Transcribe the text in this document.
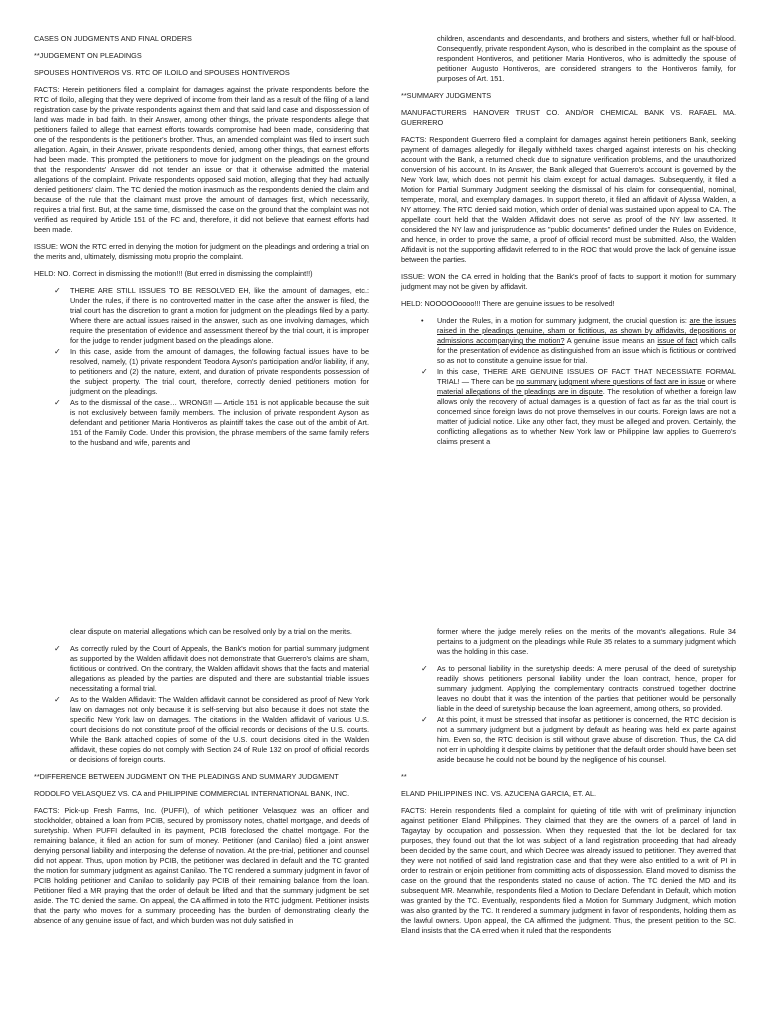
CASES ON JUDGMENTS AND FINAL ORDERS

**JUDGEMENT ON PLEADINGS

SPOUSES HONTIVEROS VS. RTC OF ILOILO and SPOUSES HONTIVEROS

FACTS: Herein petitioners filed a complaint for damages against the private respondents before the RTC of Iloilo, alleging that they were deprived of income from their land as a result of the filing of a land registration case by the private respondents against them and that said land case and dispossession of land was made in bad faith. In their Answer, among other things, the private respondents allege that petitioners failed to allege that earnest efforts towards compromise had been made, considering that one of the respondents is the petitioner's brother. Thus, an amended complaint was filed to insert such allegation. Again, in their Answer, private respondents denied, among other things, that earnest efforts had been made. This prompted the petitioners to move for judgment on the pleadings on the ground that the respondents' Answer did not tender an issue or that it otherwise admitted the material allegations of the complaint. Private respondents opposed said motion, alleging that they had actually denied petitioners' claim. The TC denied the motion inasmuch as the respondents denied the claim and because of the rule that the claimant must prove the amount of damages first, which necessarily, requires a trial first. But, at the same time, dismissed the case on the ground that the complaint was not verified as required by Article 151 of the FC and, therefore, it did not believe that earnest efforts had been made.

ISSUE: WON the RTC erred in denying the motion for judgment on the pleadings and ordering a trial on the merits and, ultimately, dismissing motu proprio the complaint.

HELD: NO. Correct in dismissing the motion!!! (But erred in dismissing the complaint!!)

✓ THERE ARE STILL ISSUES TO BE RESOLVED EH, like the amount of damages, etc.: Under the rules, if there is no controverted matter in the case after the answer is filed, the trial court has the discretion to grant a motion for judgment on the pleadings filed by a party. Where there are actual issues raised in the answer, such as one involving damages, which require the presentation of evidence and assessment thereof by the trial court, it is improper for the judge to render judgment based on the pleadings alone.
✓ In this case, aside from the amount of damages, the following factual issues have to be resolved, namely, (1) private respondent Teodora Ayson's participation and/or liability, if any, to petitioners and (2) the nature, extent, and duration of private respondents possession of the subject property. The trial court, therefore, correctly denied petitioners motion for judgment on the pleadings.
✓ As to the dismissal of the case… WRONG!! — Article 151 is not applicable because the suit is not exclusively between family members. The inclusion of private respondent Ayson as defendant and petitioner Maria Hontiveros as plaintiff takes the case out of the ambit of Art. 151 of the Family Code. Under this provision, the phrase members of the same family refers to the husband and wife, parents and

children, ascendants and descendants, and brothers and sisters, whether full or half-blood. Consequently, private respondent Ayson, who is described in the complaint as the spouse of respondent Hontiveros, and petitioner Maria Hontiveros, who is admittedly the spouse of petitioner Augusto Hontiveros, are considered strangers to the Hontiveros family, for purposes of Art. 151.

**SUMMARY JUDGMENTS

MANUFACTURERS HANOVER TRUST CO. AND/OR CHEMICAL BANK VS. RAFAEL MA. GUERRERO

FACTS: Respondent Guerrero filed a complaint for damages against herein petitioners Bank, seeking payment of damages allegedly for illegally withheld taxes charged against interests on his checking account with the Bank, a returned check due to signature verification problems, and the unauthorized conversion of his account. In its Answer, the Bank alleged that Guerrero's account is governed by the New York law, which does not permit his claim except for actual damages. Subsequently, it filed a Motion for Partial Summary Judgment seeking the dismissal of his claim for consequential, nominal, temperate, moral, and exemplary damages. In support thereto, it filed an affidavit of Alyssa Walden, a NY attorney. The RTC denied said motion, which order of denial was sustained upon appeal to CA. The appellate court held that the Walden Affidavit does not serve as proof of the NY law asserted. It considered the NY law and jurisprudence as "public documents" defined under the Rules on Evidence, and hence, in order to prove the same, a proof of official record must be submitted. Also, the Walden Affidavit is not the supporting affidavit referred to in the ROC that would prove the lack of genuine issue between the parties.

ISSUE: WON the CA erred in holding that the Bank's proof of facts to support it motion for summary judgment may not be given by affidavit.

HELD: NOOOOOoooo!!! There are genuine issues to be resolved!

• Under the Rules, in a motion for summary judgment, the crucial question is: are the issues raised in the pleadings genuine, sham or fictitious, as shown by affidavits, depositions or admissions accompanying the motion? A genuine issue means an issue of fact which calls for the presentation of evidence as distinguished from an issue which is fictitious or contrived so as not to constitute a genuine issue for trial.
✓ In this case, THERE ARE GENUINE ISSUES OF FACT THAT NECESSIATE FORMAL TRIAL! — There can be no summary judgment where questions of fact are in issue or where material allegations of the pleadings are in dispute. The resolution of whether a foreign law allows only the recovery of actual damages is a question of fact as far as the trial court is concerned since foreign laws do not prove themselves in our courts. Foreign laws are not a matter of judicial notice. Like any other fact, they must be alleged and proven. Certainly, the conflicting allegations as to whether New York law or Philippine law applies to Guerrero's claims present a

clear dispute on material allegations which can be resolved only by a trial on the merits.

✓ As correctly ruled by the Court of Appeals, the Bank's motion for partial summary judgment as supported by the Walden affidavit does not demonstrate that Guerrero's claims are sham, fictitious or contrived. On the contrary, the Walden affidavit shows that the facts and material allegations as pleaded by the parties are disputed and there are substantial triable issues necessitating a formal trial.
✓ As to the Walden Affidavit: The Walden affidavit cannot be considered as proof of New York law on damages not only because it is self-serving but also because it does not state the specific New York law on damages. The citations in the Walden affidavit of various U.S. court decisions do not constitute proof of the official records or decisions of the U.S. courts. While the Bank attached copies of some of the U.S. court decisions cited in the Walden affidavit, these copies do not comply with Section 24 of Rule 132 on proof of official records or decisions of foreign courts.

**DIFFERENCE BETWEEN JUDGMENT ON THE PLEADINGS AND SUMMARY JUDGMENT

RODOLFO VELASQUEZ VS. CA and PHILIPPINE COMMERCIAL INTERNATIONAL BANK, INC.

FACTS: Pick-up Fresh Farms, Inc. (PUFFI), of which petitioner Velasquez was an officer and stockholder, obtained a loan from PCIB, secured by promissory notes, chattel mortgage, and deeds of suretyship. When PUFFI defaulted in its payment, PCIB foreclosed the chattel mortgage. For the remaining balance, it filed an action for sum of money. Petitioner (and Canilao) filed a joint answer denying personal liability and interposing the defense of novation. At the pre-trial, petitioner and counsel did not appear. Thus, upon motion by PCIB, the petitioner was declared in default and the TC granted the motion for summary judgment as against Canilao. The TC rendered a summary judgment in favor of PCIB holding petitioner and Canilao to solidarily pay PCIB of their remaining balance from the loan. Petitioner filed a MR praying that the order of default be lifted and that the summary judgment be set aside. The TC denied the same. On appeal, the CA affirmed in toto the RTC judgment. Petitioner insists that the party who moves for a summary proceeding has the burden of demonstrating clearly the absence of any genuine issue of fact, and which burden was not duly satisfied in

former where the judge merely relies on the merits of the movant's allegations. Rule 34 pertains to a judgment on the pleadings while Rule 35 relates to a summary judgment which was the holding in this case.

✓ As to personal liability in the suretyship deeds: A mere perusal of the deed of suretyship readily shows petitioners personal liability under the loan contract, hence, proper for summary judgment. Applying the complementary contracts construed together doctrine leaves no doubt that it was the intention of the parties that petitioner would be personally liable in the deed of suretyship because the loan agreement, among others, so provided.
✓ At this point, it must be stressed that insofar as petitioner is concerned, the RTC decision is not a summary judgment but a judgment by default as hearing was held ex parte against him. Even so, the RTC decision is still without grave abuse of discretion. Thus, the CA did not err in upholding it despite claims by petitioner that the default order should have been set aside because he could not be bound by the negligence of his counsel.

**

ELAND PHILIPPINES INC. VS. AZUCENA GARCIA, ET. AL.

FACTS: Herein respondents filed a complaint for quieting of title with writ of preliminary injunction against petitioner Eland Philippines. They claimed that they are the owners of a parcel of land in Tagaytay by occupation and possession. When they requested that the lot be declared for tax purposes, they found out that the lot was subject of a land registration proceeding that had already been decided by the same court, and which Decree was already issued to petitioner. They averred that they were not notified of said land registration case and that they were also entitled to a writ of PI in order to restrain or enjoin petitioner from committing acts of dispossession. Eland moved to dismiss the case on the ground that the respondents stated no cause of action. The TC denied the MD and its subsequent MR. Meanwhile, respondents filed a Motion to Declare Defendant in Default, which motion was granted by the TC. Eventually, respondents filed a Motion for Summary Judgment, which motion was also granted by the TC. It rendered a summary judgment in favor of respondents, holding them as the lawful owners. Upon appeal, the CA affirmed the judgment. Thus, the present petition to the SC. Eland insists that the CA erred when it ruled that the respondents
